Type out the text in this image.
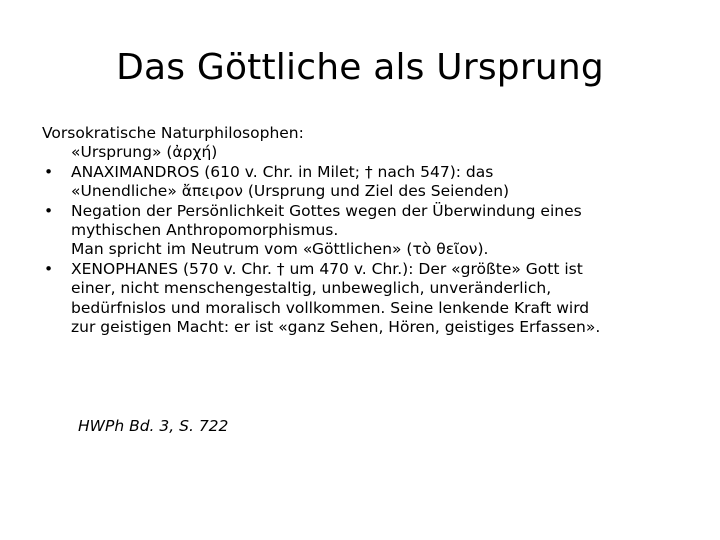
Das Göttliche als Ursprung
Vorsokratische Naturphilosophen:
«Ursprung» (ἀρχή)
• ANAXIMANDROS (610 v. Chr. in Milet; † nach 547): das
«Unendliche» ἄπειρον (Ursprung und Ziel des Seienden)
• Negation der Persönlichkeit Gottes wegen der Überwindung eines
mythischen Anthropomorphismus.
Man spricht im Neutrum vom «Göttlichen» (τὸ θεῖον).
• XENOPHANES (570 v. Chr. † um 470 v. Chr.): Der «größte» Gott ist
einer, nicht menschengestaltig, unbeweglich, unveränderlich,
bedürfnislos und moralisch vollkommen. Seine lenkende Kraft wird
zur geistigen Macht: er ist «ganz Sehen, Hören, geistiges Erfassen».
HWPh Bd. 3, S. 722
